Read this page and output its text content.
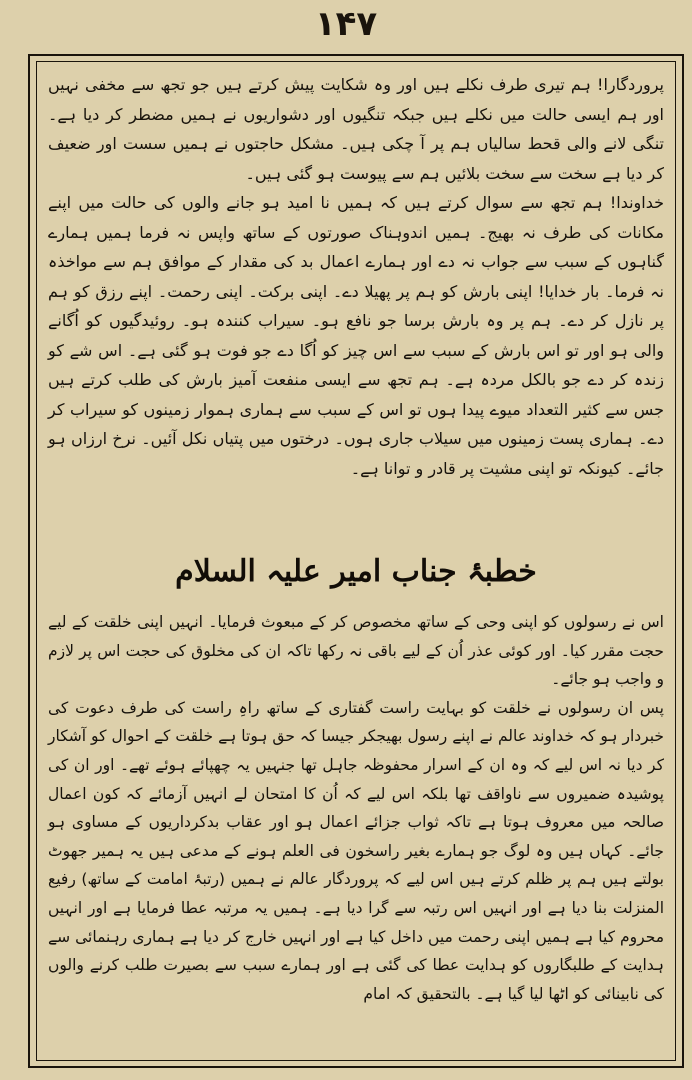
۱۴۷

پروردگارا! ہم تیری طرف نکلے ہیں اور وہ شکایت پیش کرتے ہیں جو تجھ سے مخفی نہیں اور ہم ایسی حالت میں نکلے ہیں جبکہ تنگیوں اور دشواریوں نے ہمیں مضطر کر دیا ہے۔ تنگی لانے والی قحط سالیاں ہم پر آ چکی ہیں۔ مشکل حاجتوں نے ہمیں سست اور ضعیف کر دیا ہے سخت سے سخت بلائیں ہم سے پیوست ہو گئی ہیں۔

خداوندا! ہم تجھ سے سوال کرتے ہیں کہ ہمیں نا امید ہو جانے والوں کی حالت میں اپنے مکانات کی طرف نہ بھیج۔ ہمیں اندوہناک صورتوں کے ساتھ واپس نہ فرما ہمیں ہمارے گناہوں کے سبب سے جواب نہ دے اور ہمارے اعمال بد کی مقدار کے موافق ہم سے مواخذہ نہ فرما۔ بار خدایا! اپنی بارش کو ہم پر پھیلا دے۔ اپنی برکت۔ اپنی رحمت۔ اپنے رزق کو ہم پر نازل کر دے۔ ہم پر وہ بارش برسا جو نافع ہو۔ سیراب کنندہ ہو۔ روئیدگیوں کو اُگانے والی ہو اور تو اس بارش کے سبب سے اس چیز کو اُگا دے جو فوت ہو گئی ہے۔ اس شے کو زندہ کر دے جو بالکل مردہ ہے۔ ہم تجھ سے ایسی منفعت آمیز بارش کی طلب کرتے ہیں جس سے کثیر التعداد میوے پیدا ہوں تو اس کے سبب سے ہماری ہموار زمینوں کو سیراب کر دے۔ ہماری پست زمینوں میں سیلاب جاری ہوں۔ درختوں میں پتیاں نکل آئیں۔ نرخ ارزاں ہو جائے۔ کیونکہ تو اپنی مشیت پر قادر و توانا ہے۔

خطبۂ جناب امیر علیہ السلام

اس نے رسولوں کو اپنی وحی کے ساتھ مخصوص کر کے مبعوث فرمایا۔ انہیں اپنی خلقت کے لیے حجت مقرر کیا۔ اور کوئی عذر اُن کے لیے باقی نہ رکھا تاکہ ان کی مخلوق کی حجت اس پر لازم و واجب ہو جائے۔

پس ان رسولوں نے خلقت کو بہایت راست گفتاری کے ساتھ راہِ راست کی طرف دعوت کی خبردار ہو کہ خداوند عالم نے اپنے رسول بھیجکر جیسا کہ حق ہوتا ہے خلقت کے احوال کو آشکار کر دیا نہ اس لیے کہ وہ ان کے اسرار محفوظہ جاہل تھا جنہیں یہ چھپائے ہوئے تھے۔ اور ان کی پوشیدہ ضمیروں سے ناواقف تھا بلکہ اس لیے کہ اُن کا امتحان لے انہیں آزمائے کہ کون اعمال صالحہ میں معروف ہوتا ہے تاکہ ثواب جزائے اعمال ہو اور عقاب بدکرداریوں کے مساوی ہو جائے۔ کہاں ہیں وہ لوگ جو ہمارے بغیر راسخون فی العلم ہونے کے مدعی ہیں یہ ہمیر جھوٹ بولتے ہیں ہم پر ظلم کرتے ہیں اس لیے کہ پروردگار عالم نے ہمیں (رتبۂ امامت کے ساتھ) رفیع المنزلت بنا دیا ہے اور انہیں اس رتبہ سے گرا دیا ہے۔ ہمیں یہ مرتبہ عطا فرمایا ہے اور انہیں محروم کیا ہے ہمیں اپنی رحمت میں داخل کیا ہے اور انہیں خارج کر دیا ہے ہماری رہنمائی سے ہدایت کے طلبگاروں کو ہدایت عطا کی گئی ہے اور ہمارے سبب سے بصیرت طلب کرنے والوں کی نابینائی کو اٹھا لیا گیا ہے۔ بالتحقیق کہ امام
